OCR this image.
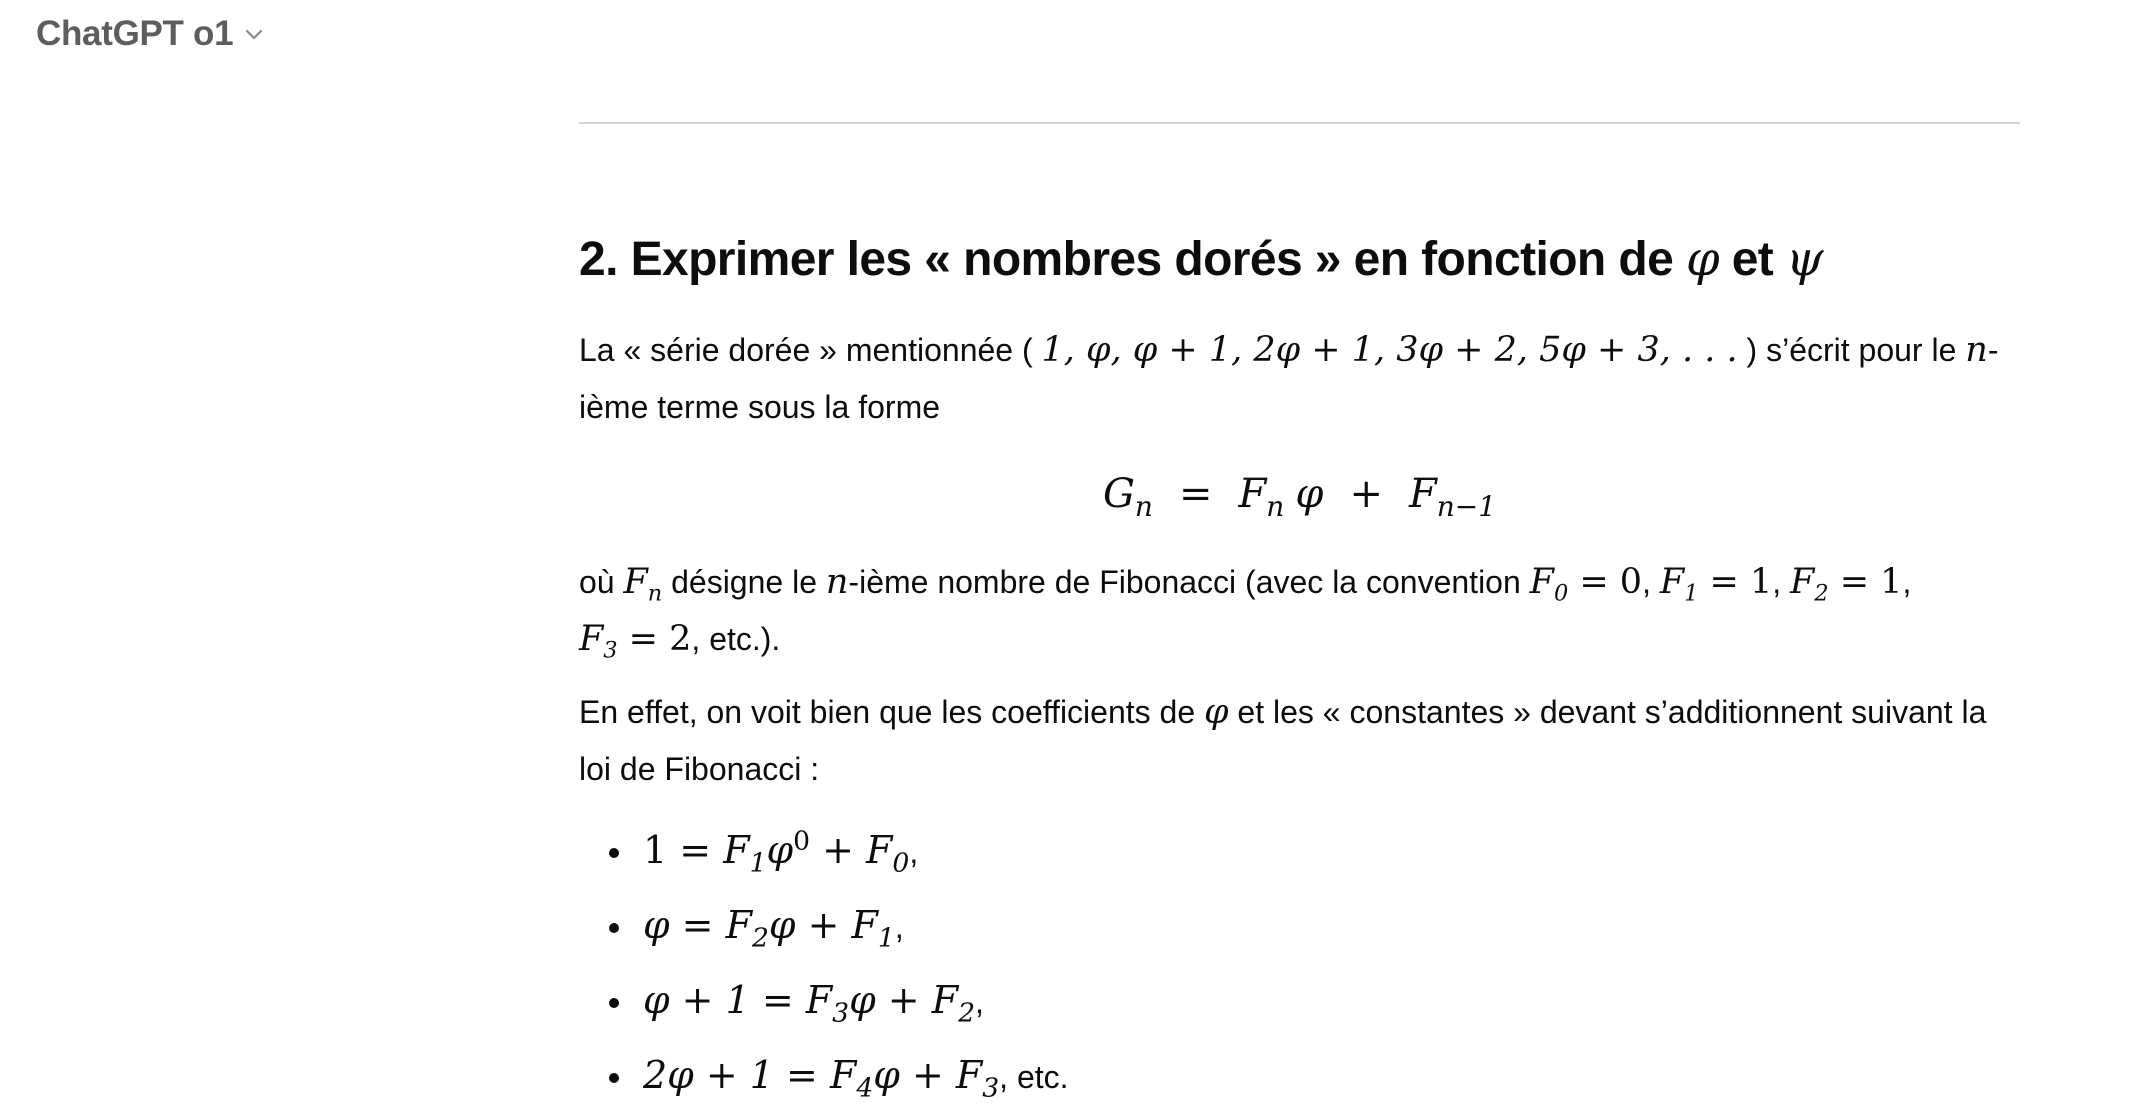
ChatGPT o1
2. Exprimer les « nombres dorés » en fonction de φ et ψ

La « série dorée » mentionnée ( 1, φ, φ + 1, 2φ + 1, 3φ + 2, 5φ + 3, . . . ) s’écrit pour le n-ième terme sous la forme

$G_n = F_n$ $\varphi + F_{n-1}$

où $F_n$ désigne le n-ième nombre de Fibonacci (avec la convention $F_0 = 0$, $F_1 = 1$, $F_2 = 1$,
$F_3 = 2$, etc.).

En effet, on voit bien que les coefficients de φ et les « constantes » devant s’additionnent suivant la loi de Fibonacci :

$1 = F_1\varphi^0 + F_0$,
$\varphi = F_2\varphi + F_1$,
$\varphi + 1 = F_3\varphi + F_2$,
$2\varphi + 1 = F_4\varphi + F_3$, etc.
